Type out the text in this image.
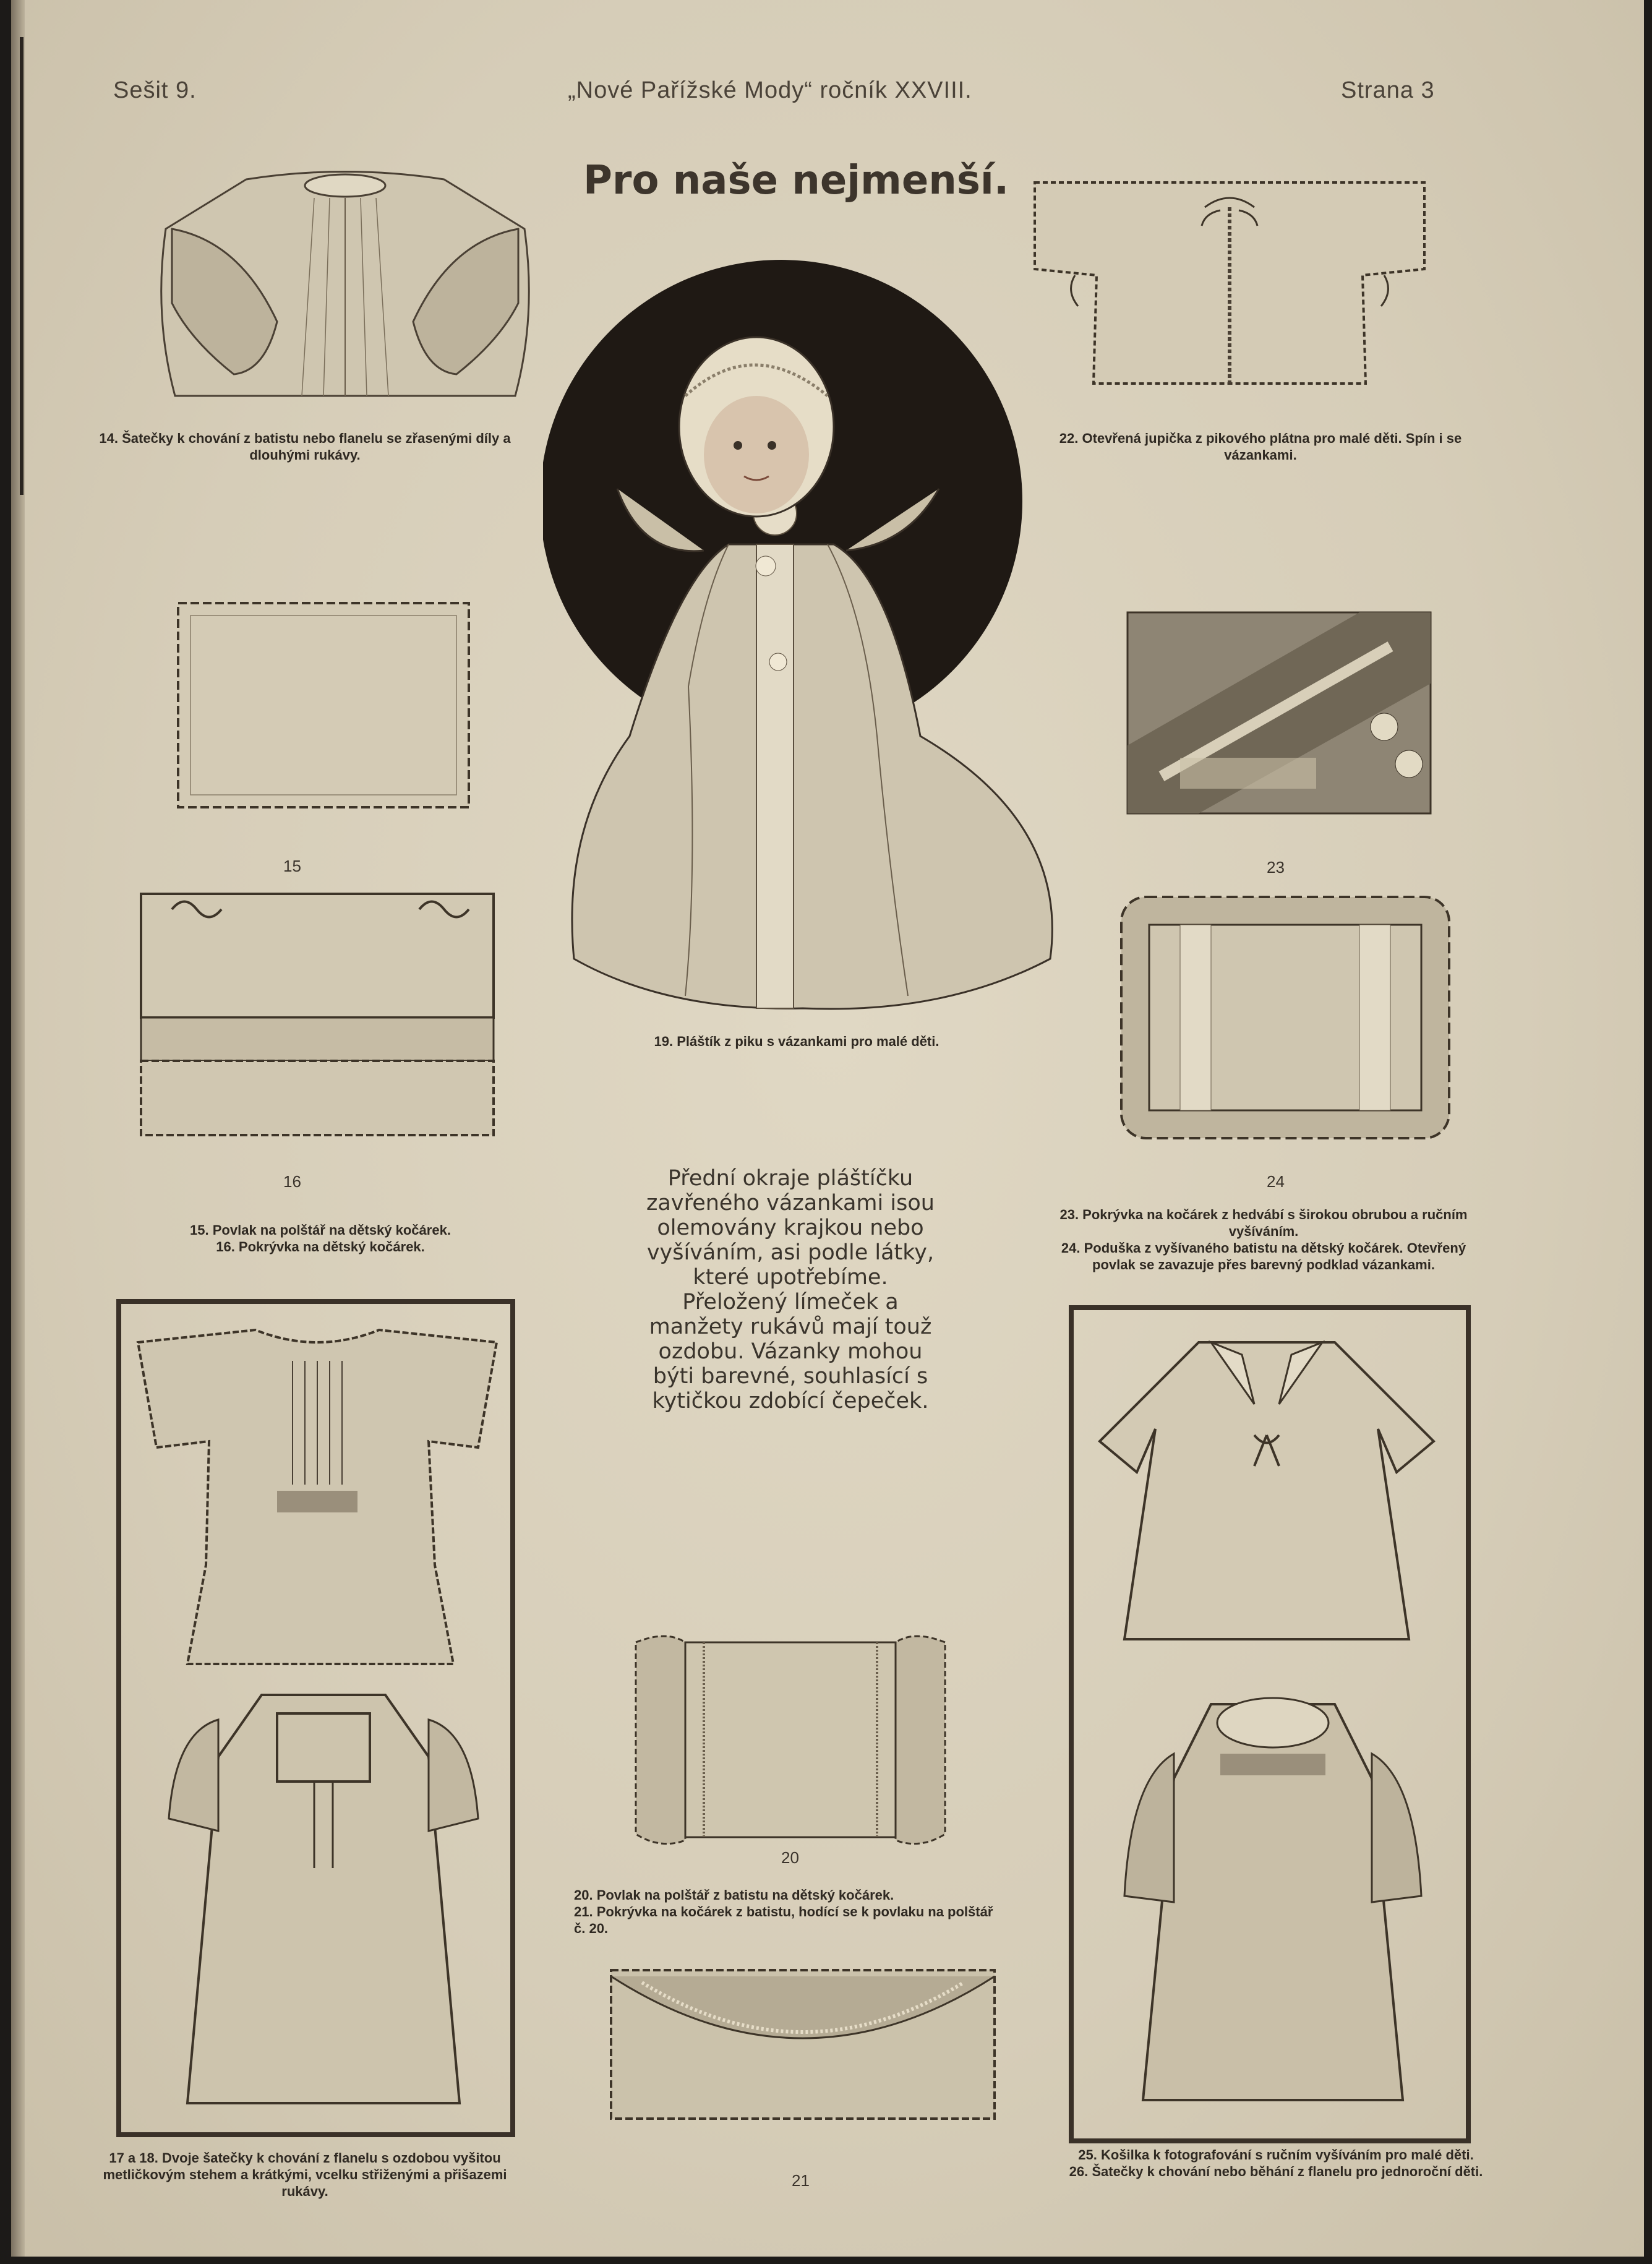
Sešit 9.	„Nové Pařížské Mody“ ročník XXVIII.	Strana 3
Pro naše nejmenší.
14. Šatečky k chování z batistu nebo flanelu se zřasenými díly a dlouhými rukávy.
22. Otevřená jupička z pikového plátna pro malé děti. Spín i se vázankami.
19. Pláštík z piku s vázankami pro malé děti.
15
16
15. Povlak na polštář na dětský kočárek.
16. Pokrývka na dětský kočárek.
23
24
23. Pokrývka na kočárek z hedvábí s širokou obrubou a ručním vyšíváním.
24. Poduška z vyšívaného batistu na dětský kočárek. Otevřený povlak se zavazuje přes barevný podklad vázankami.
Přední okraje pláštíčku zavřeného vázankami isou olemovány krajkou nebo vyšíváním, asi podle látky, které upotřebíme. Přeložený límeček a manžety rukávů mají touž ozdobu. Vázanky mohou býti barevné, souhlasící s kytičkou zdobící čepeček.
17 a 18. Dvoje šatečky k chování z flanelu s ozdobou vyšitou metličkovým stehem a krátkými, vcelku střiženými a přišazemi rukávy.
20
20. Povlak na polštář z batistu na dětský kočárek.
21. Pokrývka na kočárek z batistu, hodící se k povlaku na polštář č. 20.
21
25. Košilka k fotografování s ručním vyšíváním pro malé děti.
26. Šatečky k chování nebo běhání z flanelu pro jednoroční děti.
